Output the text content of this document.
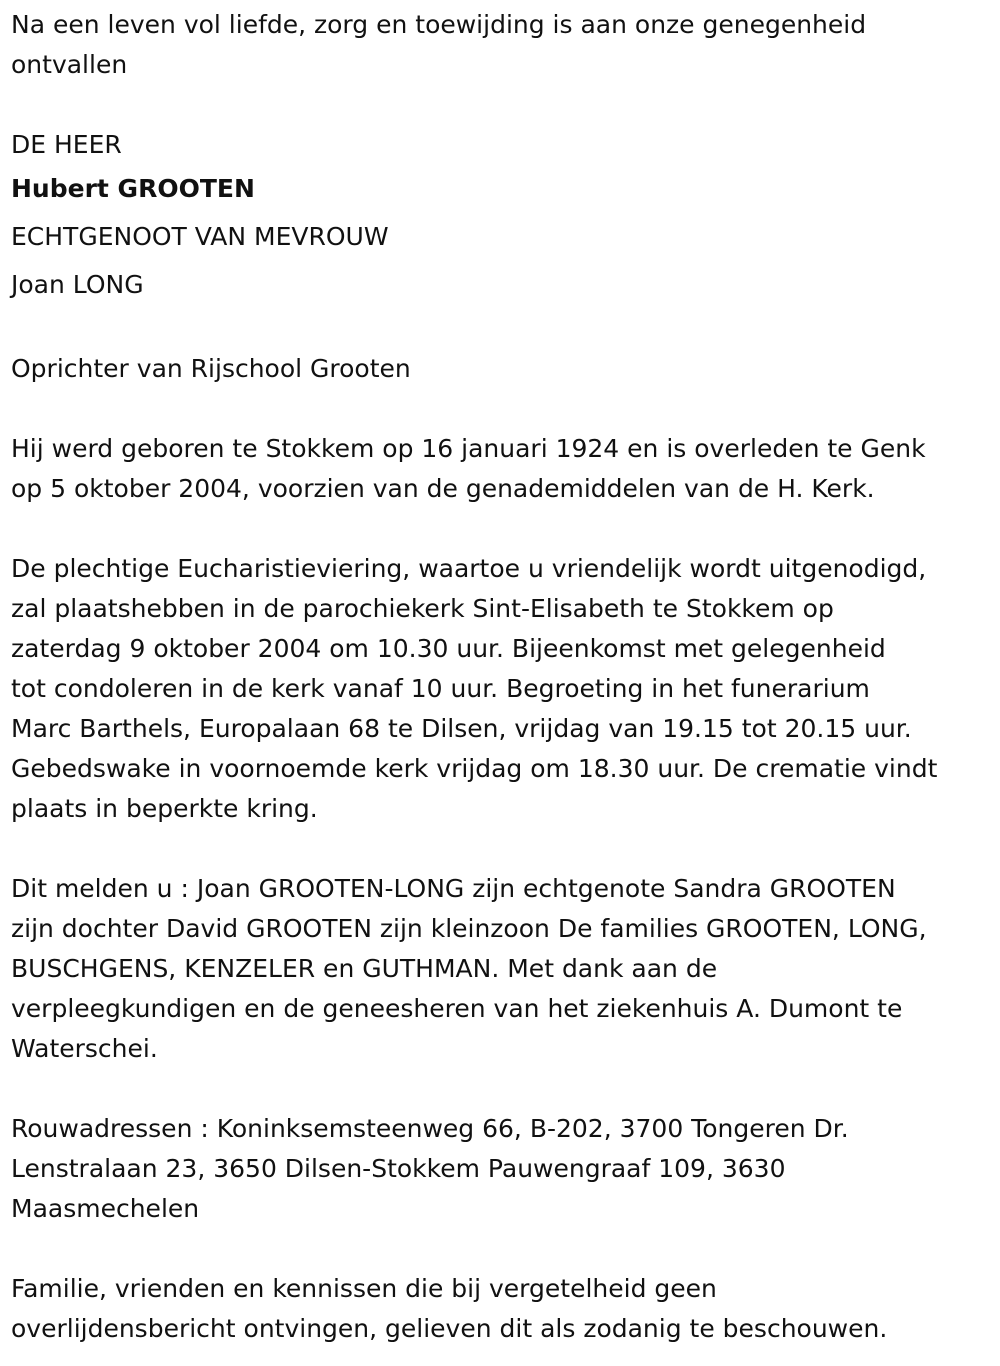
Na een leven vol liefde, zorg en toewijding is aan onze genegenheid
ontvallen
DE HEER
Hubert GROOTEN
ECHTGENOOT VAN MEVROUW
Joan LONG
Oprichter van Rijschool Grooten
Hij werd geboren te Stokkem op 16 januari 1924 en is overleden te Genk
op 5 oktober 2004, voorzien van de genademiddelen van de H. Kerk.
De plechtige Eucharistieviering, waartoe u vriendelijk wordt uitgenodigd,
zal plaatshebben in de parochiekerk Sint-Elisabeth te Stokkem op
zaterdag 9 oktober 2004 om 10.30 uur. Bijeenkomst met gelegenheid
tot condoleren in de kerk vanaf 10 uur. Begroeting in het funerarium
Marc Barthels, Europalaan 68 te Dilsen, vrijdag van 19.15 tot 20.15 uur.
Gebedswake in voornoemde kerk vrijdag om 18.30 uur. De crematie vindt
plaats in beperkte kring.
Dit melden u : Joan GROOTEN-LONG zijn echtgenote Sandra GROOTEN
zijn dochter David GROOTEN zijn kleinzoon De families GROOTEN, LONG,
BUSCHGENS, KENZELER en GUTHMAN. Met dank aan de
verpleegkundigen en de geneesheren van het ziekenhuis A. Dumont te
Waterschei.
Rouwadressen : Koninksemsteenweg 66, B-202, 3700 Tongeren Dr.
Lenstralaan 23, 3650 Dilsen-Stokkem Pauwengraaf 109, 3630
Maasmechelen
Familie, vrienden en kennissen die bij vergetelheid geen
overlijdensbericht ontvingen, gelieven dit als zodanig te beschouwen.
